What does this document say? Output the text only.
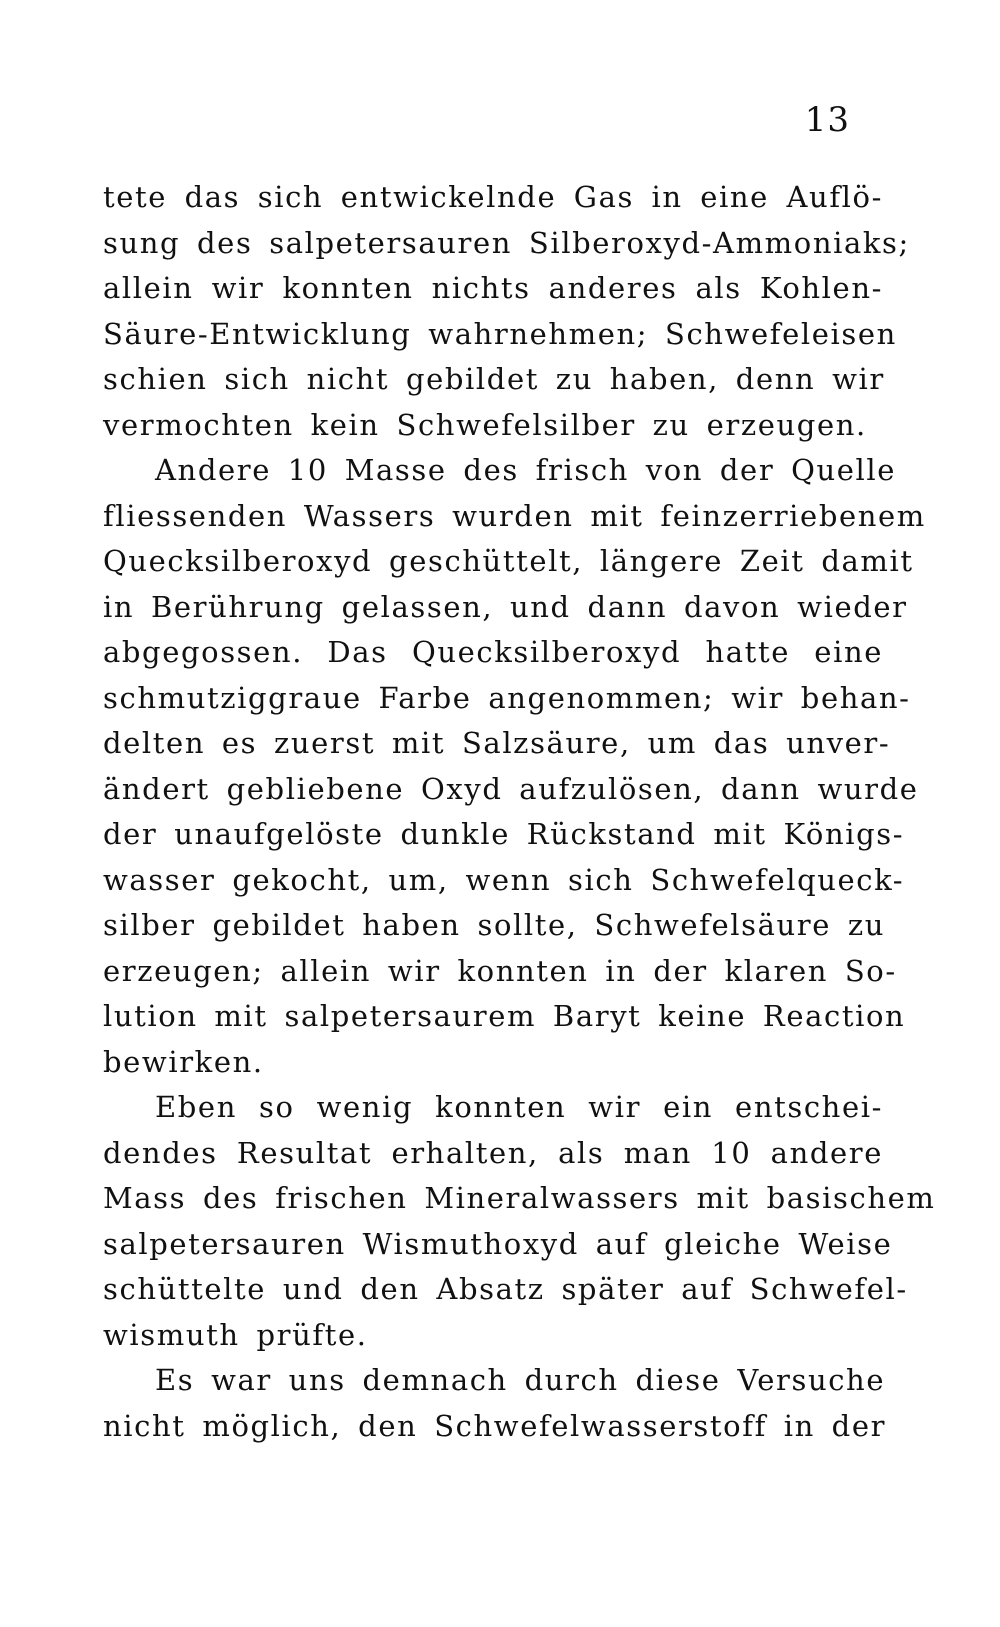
13
tete das sich entwickelnde Gas in eine Auflö-
sung des salpetersauren Silberoxyd-Ammoniaks;
allein wir konnten nichts anderes als Kohlen-
Säure-Entwicklung wahrnehmen; Schwefeleisen
schien sich nicht gebildet zu haben, denn wir
vermochten kein Schwefelsilber zu erzeugen.
Andere 10 Masse des frisch von der Quelle
fliessenden Wassers wurden mit feinzerriebenem
Quecksilberoxyd geschüttelt, längere Zeit damit
in Berührung gelassen, und dann davon wieder
abgegossen. Das Quecksilberoxyd hatte eine
schmutziggraue Farbe angenommen; wir behan-
delten es zuerst mit Salzsäure, um das unver-
ändert gebliebene Oxyd aufzulösen, dann wurde
der unaufgelöste dunkle Rückstand mit Königs-
wasser gekocht, um, wenn sich Schwefelqueck-
silber gebildet haben sollte, Schwefelsäure zu
erzeugen; allein wir konnten in der klaren So-
lution mit salpetersaurem Baryt keine Reaction
bewirken.
Eben so wenig konnten wir ein entschei-
dendes Resultat erhalten, als man 10 andere
Mass des frischen Mineralwassers mit basischem
salpetersauren Wismuthoxyd auf gleiche Weise
schüttelte und den Absatz später auf Schwefel-
wismuth prüfte.
Es war uns demnach durch diese Versuche
nicht möglich, den Schwefelwasserstoff in der
